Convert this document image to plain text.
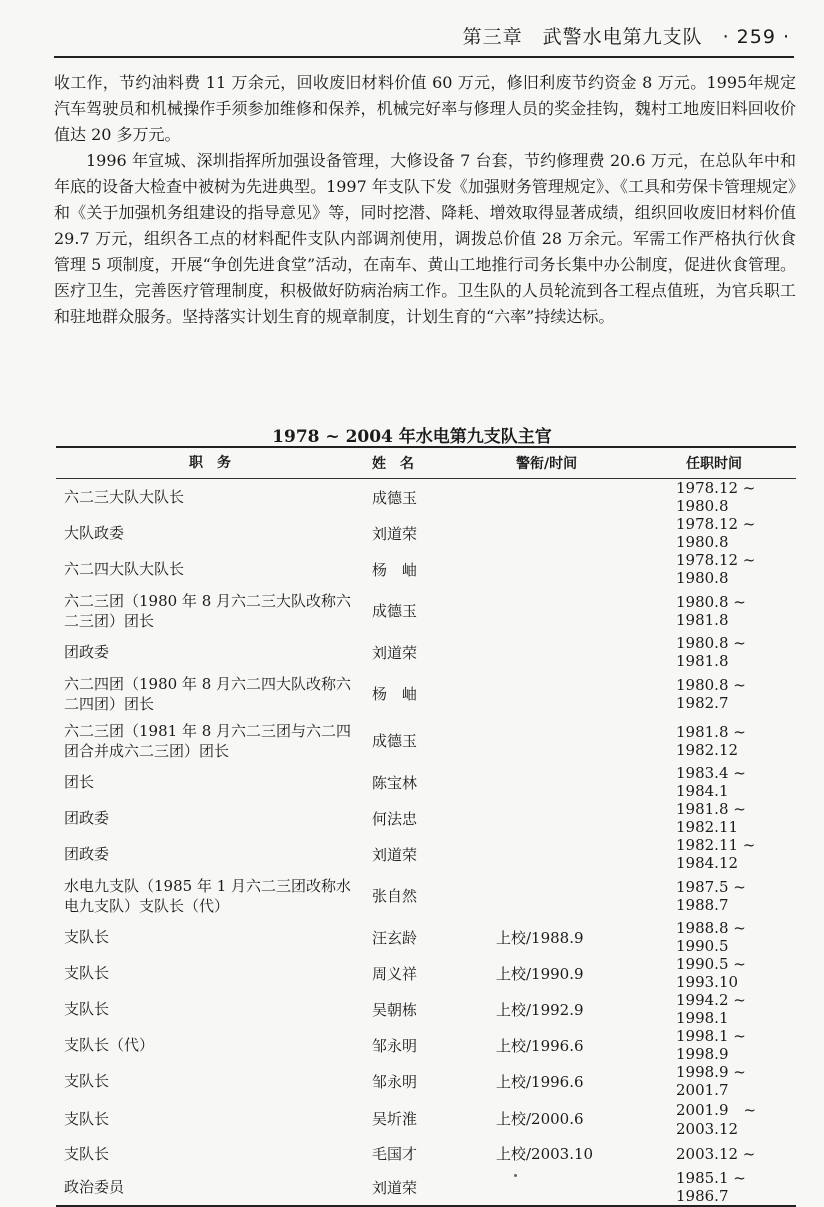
第三章　武警水电第九支队　· 259 ·

收工作，节约油料费 11 万余元，回收废旧材料价值 60 万元，修旧利废节约资金 8 万元。1995年规定汽车驾驶员和机械操作手须参加维修和保养，机械完好率与修理人员的奖金挂钩，魏村工地废旧料回收价值达 20 多万元。

1996 年宣城、深圳指挥所加强设备管理，大修设备 7 台套，节约修理费 20.6 万元，在总队年中和年底的设备大检查中被树为先进典型。1997 年支队下发《加强财务管理规定》、《工具和劳保卡管理规定》和《关于加强机务组建设的指导意见》等，同时挖潜、降耗、增效取得显著成绩，组织回收废旧材料价值 29.7 万元，组织各工点的材料配件支队内部调剂使用，调拨总价值 28 万余元。军需工作严格执行伙食管理 5 项制度，开展“争创先进食堂”活动，在南车、黄山工地推行司务长集中办公制度，促进伙食管理。医疗卫生，完善医疗管理制度，积极做好防病治病工作。卫生队的人员轮流到各工程点值班，为官兵职工和驻地群众服务。坚持落实计划生育的规章制度，计划生育的“六率”持续达标。

1978 ~ 2004 年水电第九支队主官
职　务	姓　名	警衔/时间	任职时间
六二三大队大队长	成德玉		1978.12 ~ 1980.8
大队政委	刘道荣		1978.12 ~ 1980.8
六二四大队大队长	杨　岫		1978.12 ~ 1980.8
六二三团（1980 年 8 月六二三大队改称六二三团）团长	成德玉		1980.8 ~ 1981.8
团政委	刘道荣		1980.8 ~ 1981.8
六二四团（1980 年 8 月六二四大队改称六二四团）团长	杨　岫		1980.8 ~ 1982.7
六二三团（1981 年 8 月六二三团与六二四团合并成六二三团）团长	成德玉		1981.8 ~ 1982.12
团长	陈宝林		1983.4 ~ 1984.1
团政委	何法忠		1981.8 ~ 1982.11
团政委	刘道荣		1982.11 ~ 1984.12
水电九支队（1985 年 1 月六二三团改称水电九支队）支队长（代）	张自然		1987.5 ~ 1988.7
支队长	汪玄龄	上校/1988.9	1988.8 ~ 1990.5
支队长	周义祥	上校/1990.9	1990.5 ~ 1993.10
支队长	吴朝栋	上校/1992.9	1994.2 ~ 1998.1
支队长（代）	邹永明	上校/1996.6	1998.1 ~ 1998.9
支队长	邹永明	上校/1996.6	1998.9 ~ 2001.7
支队长	吴圻淮	上校/2000.6	2001.9　~ 2003.12
支队长	毛国才	上校/2003.10	2003.12 ~
政治委员	刘道荣		1985.1 ~ 1986.7
